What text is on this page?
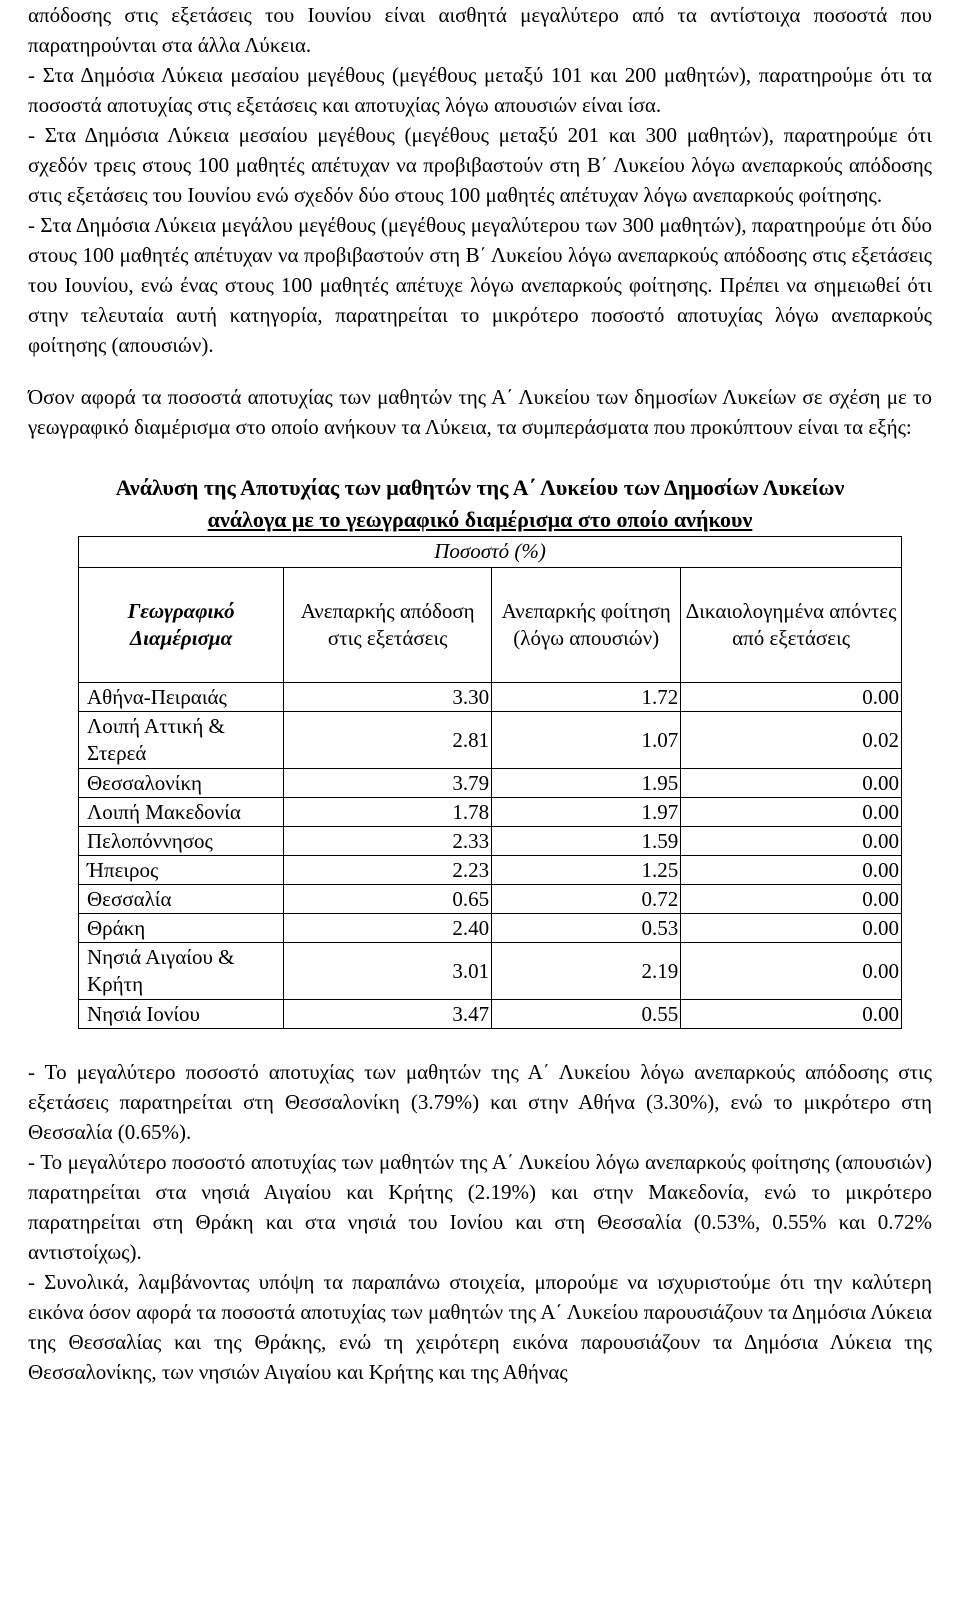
απόδοσης στις εξετάσεις του Ιουνίου είναι αισθητά μεγαλύτερο από τα αντίστοιχα ποσοστά που παρατηρούνται στα άλλα Λύκεια.

- Στα Δημόσια Λύκεια μεσαίου μεγέθους (μεγέθους μεταξύ 101 και 200 μαθητών), παρατηρούμε ότι τα ποσοστά αποτυχίας στις εξετάσεις και αποτυχίας λόγω απουσιών είναι ίσα.

- Στα Δημόσια Λύκεια μεσαίου μεγέθους (μεγέθους μεταξύ 201 και 300 μαθητών), παρατηρούμε ότι σχεδόν τρεις στους 100 μαθητές απέτυχαν να προβιβαστούν στη Β΄ Λυκείου λόγω ανεπαρκούς απόδοσης στις εξετάσεις του Ιουνίου ενώ σχεδόν δύο στους 100 μαθητές απέτυχαν λόγω ανεπαρκούς φοίτησης.

- Στα Δημόσια Λύκεια μεγάλου μεγέθους (μεγέθους μεγαλύτερου των 300 μαθητών), παρατηρούμε ότι δύο στους 100 μαθητές απέτυχαν να προβιβαστούν στη Β΄ Λυκείου λόγω ανεπαρκούς απόδοσης στις εξετάσεις του Ιουνίου, ενώ ένας στους 100 μαθητές απέτυχε λόγω ανεπαρκούς φοίτησης. Πρέπει να σημειωθεί ότι στην τελευταία αυτή κατηγορία, παρατηρείται το μικρότερο ποσοστό αποτυχίας λόγω ανεπαρκούς φοίτησης (απουσιών).

Όσον αφορά τα ποσοστά αποτυχίας των μαθητών της Α΄ Λυκείου των δημοσίων Λυκείων σε σχέση με το γεωγραφικό διαμέρισμα στο οποίο ανήκουν τα Λύκεια, τα συμπεράσματα που προκύπτουν είναι τα εξής:

Ανάλυση της Αποτυχίας των μαθητών της Α΄ Λυκείου των Δημοσίων Λυκείων

ανάλογα με το γεωγραφικό διαμέρισμα στο οποίο ανήκουν

Ποσοστό (%)
Γεωγραφικό Διαμέρισμα	Ανεπαρκής απόδοση στις εξετάσεις	Ανεπαρκής φοίτηση (λόγω απουσιών)	Δικαιολογημένα απόντες από εξετάσεις
Αθήνα-Πειραιάς	3.30	1.72	0.00
Λοιπή Αττική & Στερεά	2.81	1.07	0.02
Θεσσαλονίκη	3.79	1.95	0.00
Λοιπή Μακεδονία	1.78	1.97	0.00
Πελοπόννησος	2.33	1.59	0.00
Ήπειρος	2.23	1.25	0.00
Θεσσαλία	0.65	0.72	0.00
Θράκη	2.40	0.53	0.00
Νησιά Αιγαίου & Κρήτη	3.01	2.19	0.00
Νησιά Ιονίου	3.47	0.55	0.00

- Το μεγαλύτερο ποσοστό αποτυχίας των μαθητών της Α΄ Λυκείου λόγω ανεπαρκούς απόδοσης στις εξετάσεις παρατηρείται στη Θεσσαλονίκη (3.79%) και στην Αθήνα (3.30%), ενώ το μικρότερο στη Θεσσαλία (0.65%).

- Το μεγαλύτερο ποσοστό αποτυχίας των μαθητών της Α΄ Λυκείου λόγω ανεπαρκούς φοίτησης (απουσιών) παρατηρείται στα νησιά Αιγαίου και Κρήτης (2.19%) και στην Μακεδονία, ενώ το μικρότερο παρατηρείται στη Θράκη και στα νησιά του Ιονίου και στη Θεσσαλία (0.53%, 0.55% και 0.72% αντιστοίχως).

- Συνολικά, λαμβάνοντας υπόψη τα παραπάνω στοιχεία, μπορούμε να ισχυριστούμε ότι την καλύτερη εικόνα όσον αφορά τα ποσοστά αποτυχίας των μαθητών της Α΄ Λυκείου παρουσιάζουν τα Δημόσια Λύκεια της Θεσσαλίας και της Θράκης, ενώ τη χειρότερη εικόνα παρουσιάζουν τα Δημόσια Λύκεια της Θεσσαλονίκης, των νησιών Αιγαίου και Κρήτης και της Αθήνας
